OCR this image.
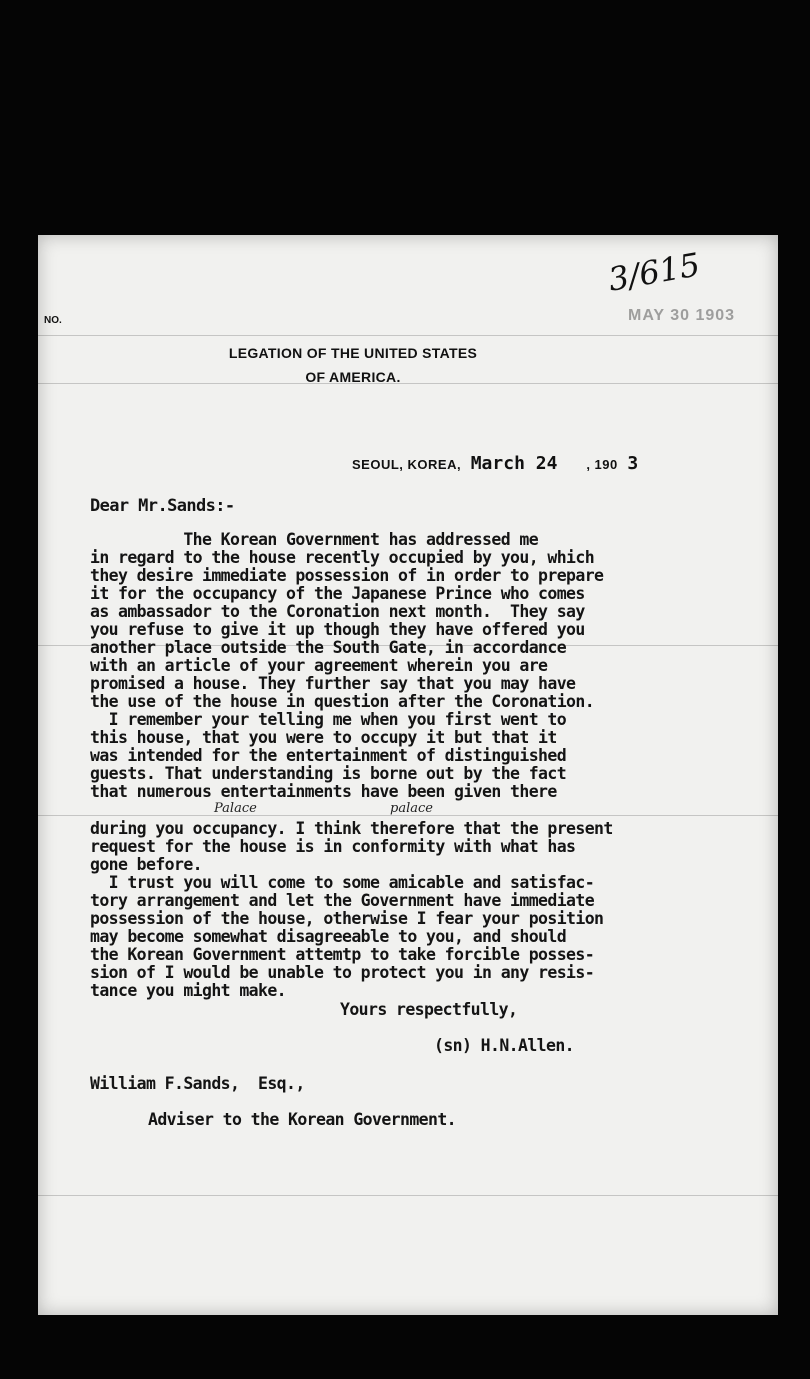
NO.
3/615
MAY 30 1903
LEGATION OF THE UNITED STATES
OF AMERICA.
SEOUL, KOREA, March 24 , 190 3
Dear Mr.Sands:-
The Korean Government has addressed me
in regard to the house recently occupied by you, which
they desire immediate possession of in order to prepare
it for the occupancy of the Japanese Prince who comes
as ambassador to the Coronation next month.  They say
you refuse to give it up though they have offered you
another place outside the South Gate, in accordance
with an article of your agreement wherein you are
promised a house. They further say that you may have
the use of the house in question after the Coronation.
I remember your telling me when you first went to
this house, that you were to occupy it but that it
was intended for the entertainment of distinguished
guests. That understanding is borne out by the fact
that numerous entertainments have been given there
Palace	palace
during you occupancy. I think therefore that the present
request for the house is in conformity with what has
gone before.
I trust you will come to some amicable and satisfac-
tory arrangement and let the Government have immediate
possession of the house, otherwise I fear your position
may become somewhat disagreeable to you, and should
the Korean Government attemtp to take forcible posses-
sion of I would be unable to protect you in any resis-
tance you might make.
Yours respectfully,
(sn) H.N.Allen.
William F.Sands,  Esq.,
Adviser to the Korean Government.
